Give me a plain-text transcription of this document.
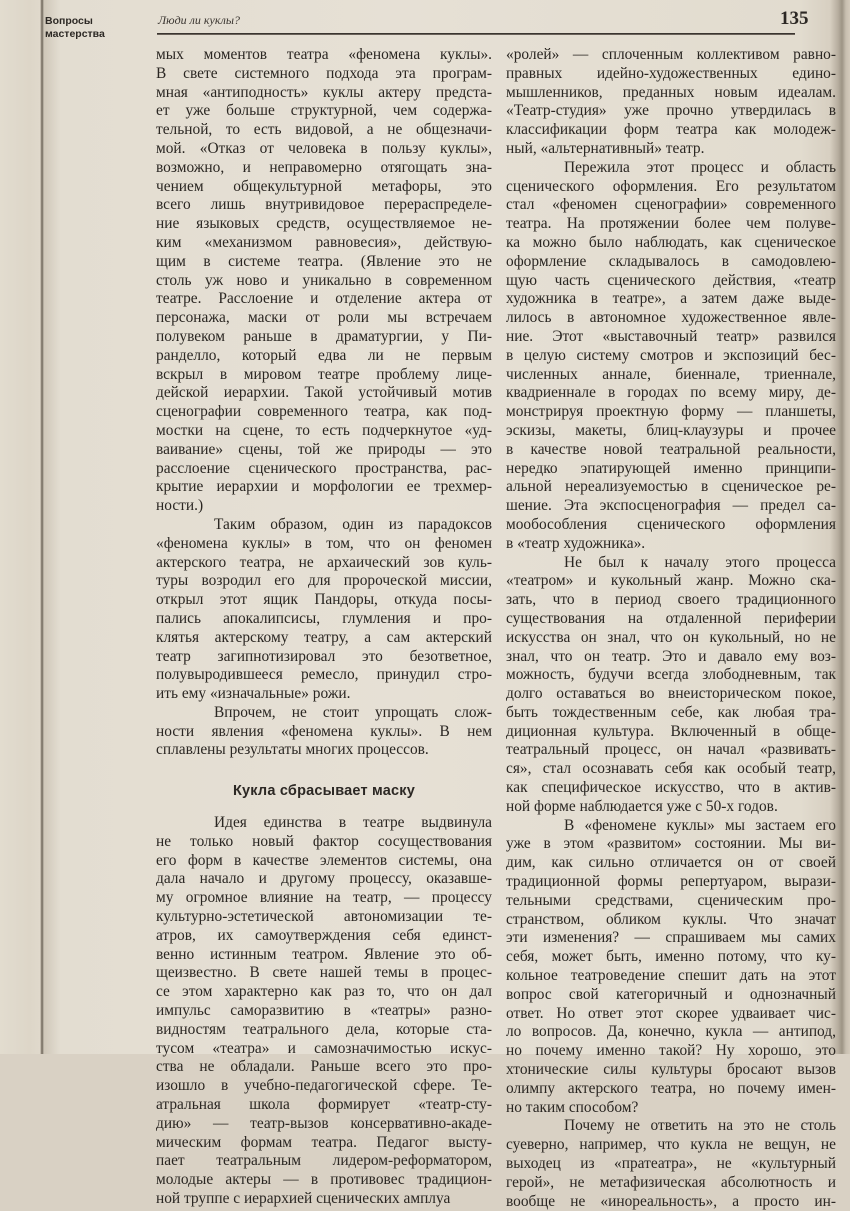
Вопросы
мастерства
Люди ли куклы?	135
мых моментов театра «феномена куклы».
В свете системного подхода эта програм-
мная «антиподность» куклы актеру предста-
ет уже больше структурной, чем содержа-
тельной, то есть видовой, а не общезначи-
мой. «Отказ от человека в пользу куклы»,
возможно, и неправомерно отягощать зна-
чением общекультурной метафоры, это
всего лишь внутривидовое перераспределе-
ние языковых средств, осуществляемое не-
ким «механизмом равновесия», действую-
щим в системе театра. (Явление это не
столь уж ново и уникально в современном
театре. Расслоение и отделение актера от
персонажа, маски от роли мы встречаем
полувеком раньше в драматургии, у Пи-
ранделло, который едва ли не первым
вскрыл в мировом театре проблему лице-
дейской иерархии. Такой устойчивый мотив
сценографии современного театра, как под-
мостки на сцене, то есть подчеркнутое «уд-
ваивание» сцены, той же природы — это
расслоение сценического пространства, рас-
крытие иерархии и морфологии ее трехмер-
ности.)
Таким образом, один из парадоксов
«феномена куклы» в том, что он феномен
актерского театра, не архаический зов куль-
туры возродил его для пророческой миссии,
открыл этот ящик Пандоры, откуда посы-
пались апокалипсисы, глумления и про-
клятья актерскому театру, а сам актерский
театр загипнотизировал это безответное,
полувыродившееся ремесло, принудил стро-
ить ему «изначальные» рожи.
Впрочем, не стоит упрощать слож-
ности явления «феномена куклы». В нем
сплавлены результаты многих процессов.
Кукла сбрасывает маску
Идея единства в театре выдвинула
не только новый фактор сосуществования
его форм в качестве элементов системы, она
дала начало и другому процессу, оказавше-
му огромное влияние на театр, — процессу
культурно-эстетической автономизации те-
атров, их самоутверждения себя единст-
венно истинным театром. Явление это об-
щеизвестно. В свете нашей темы в процес-
се этом характерно как раз то, что он дал
импульс саморазвитию в «театры» разно-
видностям театрального дела, которые ста-
тусом «театра» и самозначимостью искус-
ства не обладали. Раньше всего это про-
изошло в учебно-педагогической сфере. Те-
атральная школа формирует «театр-сту-
дию» — театр-вызов консервативно-акаде-
мическим формам театра. Педагог высту-
пает театральным лидером-реформатором,
молодые актеры — в противовес традицион-
ной труппе с иерархией сценических амплуа
«ролей» — сплоченным коллективом равно-
правных идейно-художественных едино-
мышленников, преданных новым идеалам.
«Театр-студия» уже прочно утвердилась в
классификации форм театра как молодеж-
ный, «альтернативный» театр.
Пережила этот процесс и область
сценического оформления. Его результатом
стал «феномен сценографии» современного
театра. На протяжении более чем полуве-
ка можно было наблюдать, как сценическое
оформление складывалось в самодовлею-
щую часть сценического действия, «театр
художника в театре», а затем даже выде-
лилось в автономное художественное явле-
ние. Этот «выставочный театр» развился
в целую систему смотров и экспозиций бес-
численных аннале, биеннале, триеннале,
квадриеннале в городах по всему миру, де-
монстрируя проектную форму — планшеты,
эскизы, макеты, блиц-клаузуры и прочее
в качестве новой театральной реальности,
нередко эпатирующей именно принципи-
альной нереализуемостью в сценическое ре-
шение. Эта экспосценография — предел са-
мообособления сценического оформления
в «театр художника».
Не был к началу этого процесса
«театром» и кукольный жанр. Можно ска-
зать, что в период своего традиционного
существования на отдаленной периферии
искусства он знал, что он кукольный, но не
знал, что он театр. Это и давало ему воз-
можность, будучи всегда злободневным, так
долго оставаться во внеисторическом покое,
быть тождественным себе, как любая тра-
диционная культура. Включенный в обще-
театральный процесс, он начал «развивать-
ся», стал осознавать себя как особый театр,
как специфическое искусство, что в актив-
ной форме наблюдается уже с 50-х годов.
В «феномене куклы» мы застаем его
уже в этом «развитом» состоянии. Мы ви-
дим, как сильно отличается он от своей
традиционной формы репертуаром, вырази-
тельными средствами, сценическим про-
странством, обликом куклы. Что значат
эти изменения? — спрашиваем мы самих
себя, может быть, именно потому, что ку-
кольное театроведение спешит дать на этот
вопрос свой категоричный и однозначный
ответ. Но ответ этот скорее удваивает чис-
ло вопросов. Да, конечно, кукла — антипод,
но почему именно такой? Ну хорошо, это
хтонические силы культуры бросают вызов
олимпу актерского театра, но почему имен-
но таким способом?
Почему не ответить на это не столь
суеверно, например, что кукла не вещун, не
выходец из «пратеатра», не «культурный
герой», не метафизическая абсолютность и
вообще не «инореальность», а просто ин-
